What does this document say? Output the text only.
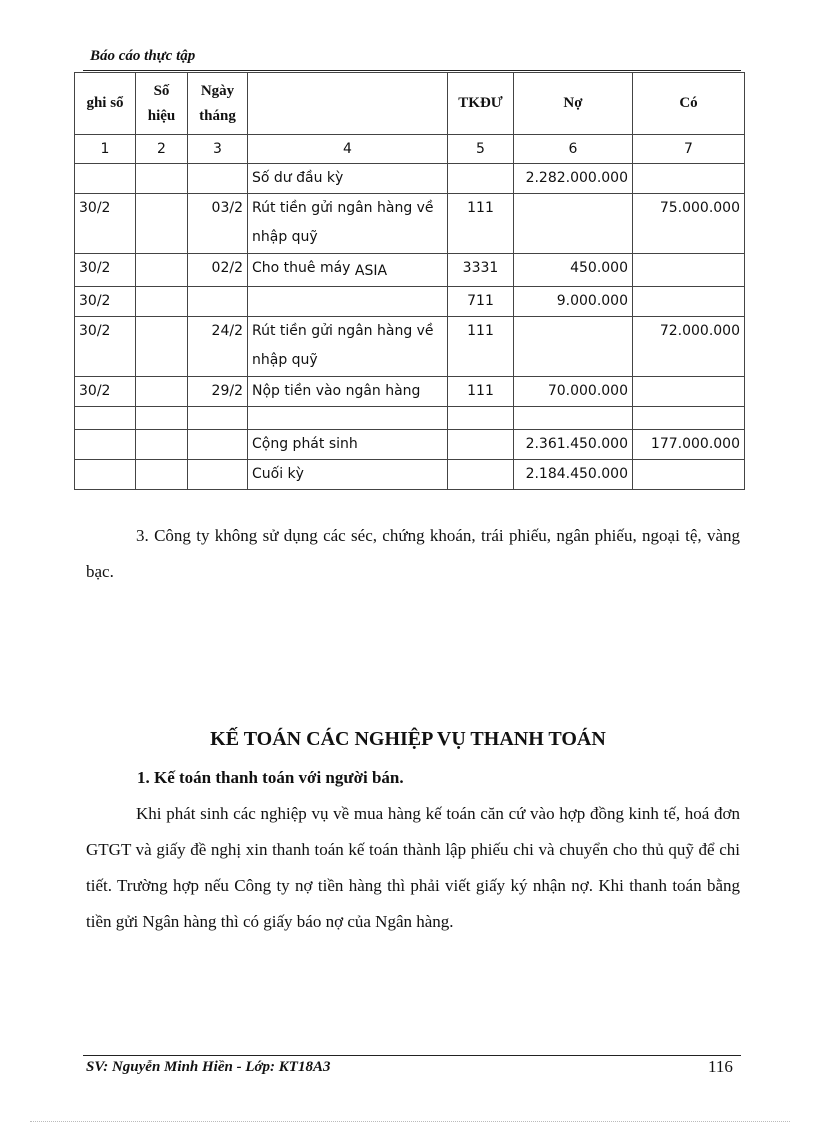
Báo cáo thực tập
ghi sổ	Số hiệu	Ngày tháng		TKĐƯ	Nợ	Có
1	2	3	4	5	6	7
			Số dư đầu kỳ		2.282.000.000	
30/2		03/2	Rút tiền gửi ngân hàng về nhập quỹ	111		75.000.000
30/2		02/2	Cho thuê máy ASIA	3331	450.000	
30/2				711	9.000.000	
30/2		24/2	Rút tiền gửi ngân hàng về nhập quỹ	111		72.000.000
30/2		29/2	Nộp tiền vào ngân hàng	111	70.000.000	

			Cộng phát sinh		2.361.450.000	177.000.000
			Cuối kỳ		2.184.450.000	
3. Công ty không sử dụng các séc, chứng khoán, trái phiếu, ngân phiếu, ngoại tệ, vàng bạc.
KẾ TOÁN CÁC NGHIỆP VỤ THANH TOÁN
1. Kế toán thanh toán với người bán.
Khi phát sinh các nghiệp vụ về mua hàng kế toán căn cứ vào hợp đồng kinh tế, hoá đơn GTGT và giấy đề nghị xin thanh toán kế toán thành lập phiếu chi và chuyển cho thủ quỹ để chi tiết. Trường hợp nếu Công ty nợ tiền hàng thì phải viết giấy ký nhận nợ. Khi thanh toán bằng tiền gửi Ngân hàng thì có giấy báo nợ của Ngân hàng.
SV: Nguyễn Minh Hiền - Lớp: KT18A3	116
